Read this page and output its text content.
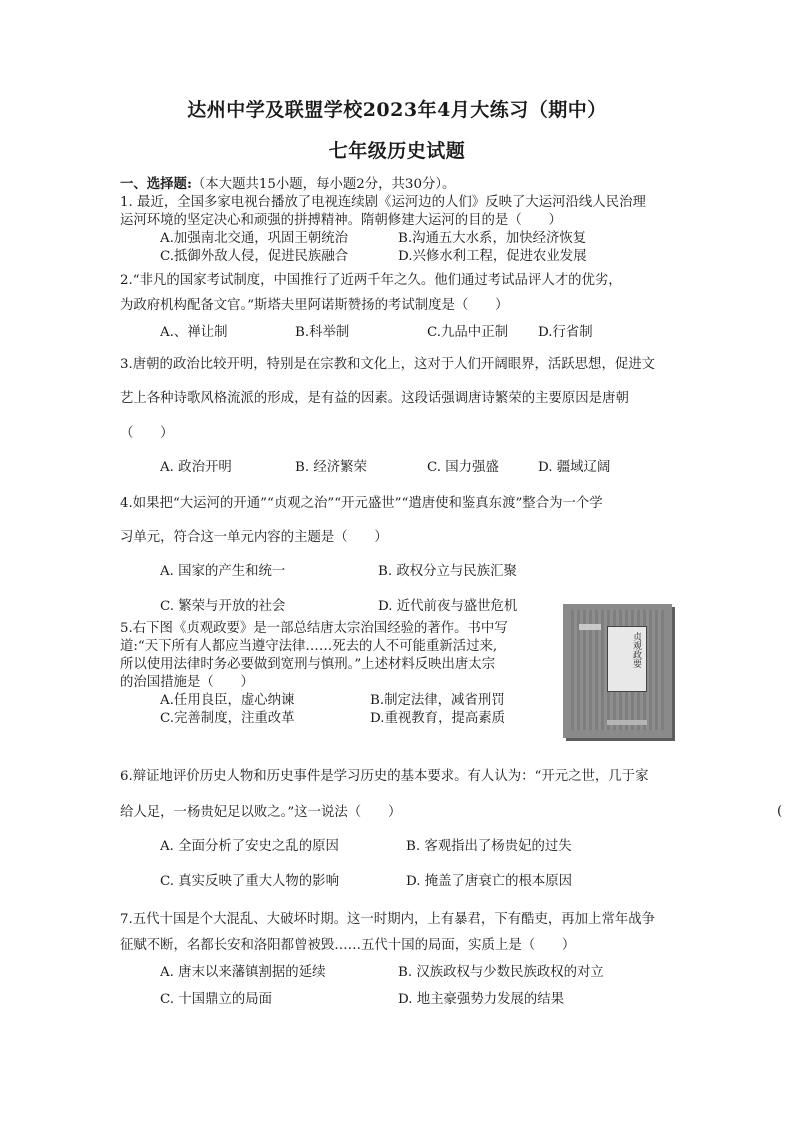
达州中学及联盟学校2023年4月大练习（期中）
七年级历史试题
一、选择题:（本大题共15小题，每小题2分，共30分）。
1. 最近，全国多家电视台播放了电视连续剧《运河边的人们》反映了大运河沿线人民治理
运河环境的坚定决心和顽强的拼搏精神。隋朝修建大运河的目的是（　　）
A.加强南北交通，巩固王朝统治	B.沟通五大水系，加快经济恢复
C.抵御外敌人侵，促进民族融合	D.兴修水利工程，促进农业发展
2.“非凡的国家考试制度，中国推行了近两千年之久。他们通过考试品评人才的优劣，
为政府机构配备文官。”斯塔夫里阿诺斯赞扬的考试制度是（　　）
A.、禅让制	B.科举制	C.九品中正制 D.行省制
3.唐朝的政治比较开明，特别是在宗教和文化上，这对于人们开阔眼界，活跃思想，促进文
艺上各种诗歌风格流派的形成，是有益的因素。这段话强调唐诗繁荣的主要原因是唐朝
（　　）
A. 政治开明	B. 经济繁荣	C. 国力强盛	D. 疆域辽阔
4.如果把“大运河的开通”“贞观之治”“开元盛世”“遣唐使和鉴真东渡”整合为一个学
习单元，符合这一单元内容的主题是（　　）
A. 国家的产生和统一	B. 政权分立与民族汇聚
C. 繁荣与开放的社会	D. 近代前夜与盛世危机
5.右下图《贞观政要》是一部总结唐太宗治国经验的著作。书中写
道:“天下所有人都应当遵守法律……死去的人不可能重新活过来,
所以使用法律时务必要做到宽刑与慎刑。”上述材料反映出唐太宗
的治国措施是（　　）
A.任用良臣，虚心纳谏	B.制定法律，减省刑罚
C.完善制度，注重改革	D.重视教育，提高素质
贞观政要
6.辩证地评价历史人物和历史事件是学习历史的基本要求。有人认为：“开元之世，几于家
给人足，一杨贵妃足以败之。”这一说法（　　）	(
A. 全面分析了安史之乱的原因	B. 客观指出了杨贵妃的过失
C. 真实反映了重大人物的影响	D. 掩盖了唐衰亡的根本原因
7.五代十国是个大混乱、大破坏时期。这一时期内，上有暴君，下有酷吏，再加上常年战争
征赋不断，名都长安和洛阳都曾被毁……五代十国的局面，实质上是（　　）
A. 唐末以来藩镇割据的延续	B. 汉族政权与少数民族政权的对立
C. 十国鼎立的局面	D. 地主豪强势力发展的结果
